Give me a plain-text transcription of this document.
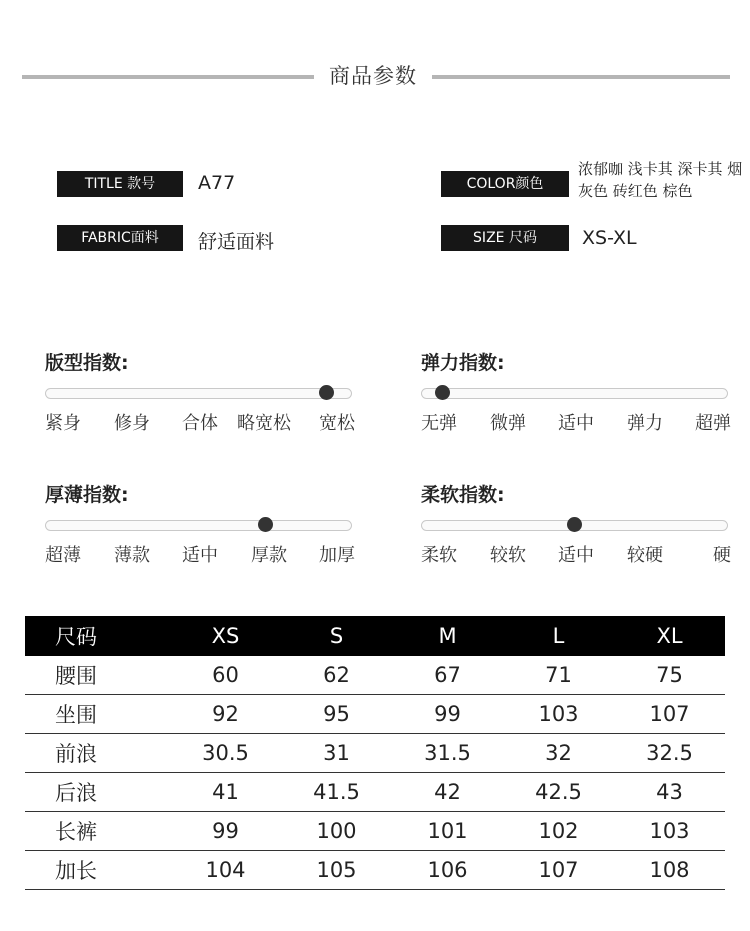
商品参数
TITLE 款号	A77
FABRIC面料	舒适面料
COLOR颜色
浓郁咖 浅卡其 深卡其 烟灰色 砖红色 棕色
SIZE 尺码	XS-XL
版型指数:
紧身 修身 合体 略宽松 宽松
弹力指数:
无弹 微弹 适中 弹力 超弹
厚薄指数:
超薄 薄款 适中 厚款 加厚
柔软指数:
柔软 较软 适中 较硬	硬
尺码	XS	S	M	L	XL
腰围	60	62	67	71	75
坐围	92	95	99	103	107
前浪	30.5	31	31.5	32	32.5
后浪	41	41.5	42	42.5	43
长裤	99	100	101	102	103
加长	104	105	106	107	108
